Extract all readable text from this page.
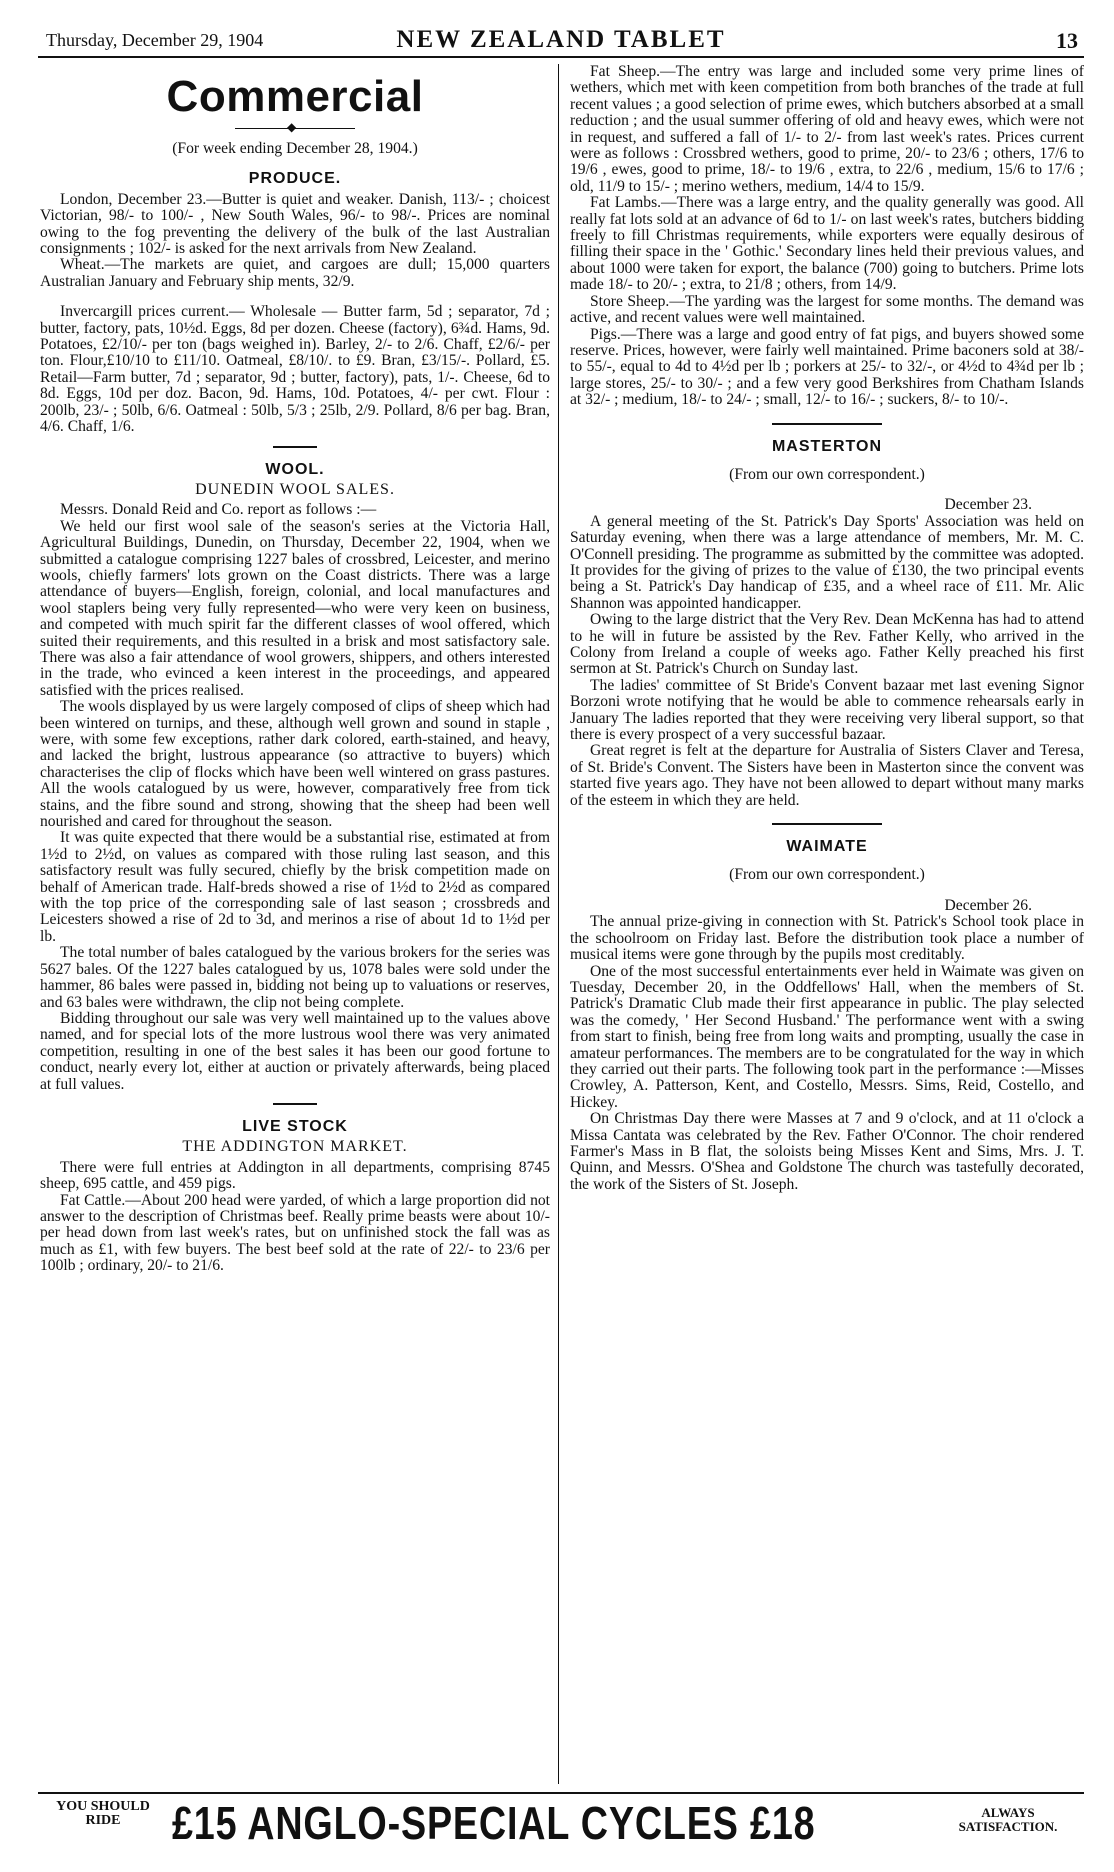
Thursday, December 29, 1904	NEW ZEALAND TABLET	13
Commercial
◆
(For week ending December 28, 1904.)
PRODUCE.

London, December 23.—Butter is quiet and weaker. Danish, 113/- ; choicest Victorian, 98/- to 100/- , New South Wales, 96/- to 98/-. Prices are nominal owing to the fog preventing the delivery of the bulk of the last Australian consignments ; 102/- is asked for the next arrivals from New Zealand.

Wheat.—The markets are quiet, and cargoes are dull; 15,000 quarters Australian January and February ship ments, 32/9.

Invercargill prices current.— Wholesale — Butter farm, 5d ; separator, 7d ; butter, factory, pats, 10½d. Eggs, 8d per dozen. Cheese (factory), 6¾d. Hams, 9d. Potatoes, £2/10/- per ton (bags weighed in). Barley, 2/- to 2/6. Chaff, £2/6/- per ton. Flour,£10/10 to £11/10. Oatmeal, £8/10/. to £9. Bran, £3/15/-. Pollard, £5. Retail—Farm butter, 7d ; separator, 9d ; butter, factory), pats, 1/-. Cheese, 6d to 8d. Eggs, 10d per doz. Bacon, 9d. Hams, 10d. Potatoes, 4/- per cwt. Flour : 200lb, 23/- ; 50lb, 6/6. Oatmeal : 50lb, 5/3 ; 25lb, 2/9. Pollard, 8/6 per bag. Bran, 4/6. Chaff, 1/6.

WOOL.
DUNEDIN WOOL SALES.

Messrs. Donald Reid and Co. report as follows :—

We held our first wool sale of the season's series at the Victoria Hall, Agricultural Buildings, Dunedin, on Thursday, December 22, 1904, when we submitted a catalogue comprising 1227 bales of crossbred, Leicester, and merino wools, chiefly farmers' lots grown on the Coast districts. There was a large attendance of buyers—English, foreign, colonial, and local manufactures and wool staplers being very fully represented—who were very keen on business, and competed with much spirit far the different classes of wool offered, which suited their requirements, and this resulted in a brisk and most satisfactory sale. There was also a fair attendance of wool growers, shippers, and others interested in the trade, who evinced a keen interest in the proceedings, and appeared satisfied with the prices realised.

The wools displayed by us were largely composed of clips of sheep which had been wintered on turnips, and these, although well grown and sound in staple , were, with some few exceptions, rather dark colored, earth-stained, and heavy, and lacked the bright, lustrous appearance (so attractive to buyers) which characterises the clip of flocks which have been well wintered on grass pastures. All the wools catalogued by us were, however, comparatively free from tick stains, and the fibre sound and strong, showing that the sheep had been well nourished and cared for throughout the season.

It was quite expected that there would be a substantial rise, estimated at from 1½d to 2½d, on values as compared with those ruling last season, and this satisfactory result was fully secured, chiefly by the brisk competition made on behalf of American trade. Half-breds showed a rise of 1½d to 2½d as compared with the top price of the corresponding sale of last season ; crossbreds and Leicesters showed a rise of 2d to 3d, and merinos a rise of about 1d to 1½d per lb.

The total number of bales catalogued by the various brokers for the series was 5627 bales. Of the 1227 bales catalogued by us, 1078 bales were sold under the hammer, 86 bales were passed in, bidding not being up to valuations or reserves, and 63 bales were withdrawn, the clip not being complete.

Bidding throughout our sale was very well maintained up to the values above named, and for special lots of the more lustrous wool there was very animated competition, resulting in one of the best sales it has been our good fortune to conduct, nearly every lot, either at auction or privately afterwards, being placed at full values.

LIVE STOCK
THE ADDINGTON MARKET.

There were full entries at Addington in all departments, comprising 8745 sheep, 695 cattle, and 459 pigs.

Fat Cattle.—About 200 head were yarded, of which a large proportion did not answer to the description of Christmas beef. Really prime beasts were about 10/- per head down from last week's rates, but on unfinished stock the fall was as much as £1, with few buyers. The best beef sold at the rate of 22/- to 23/6 per 100lb ; ordinary, 20/- to 21/6.

Fat Sheep.—The entry was large and included some very prime lines of wethers, which met with keen competition from both branches of the trade at full recent values ; a good selection of prime ewes, which butchers absorbed at a small reduction ; and the usual summer offering of old and heavy ewes, which were not in request, and suffered a fall of 1/- to 2/- from last week's rates. Prices current were as follows : Crossbred wethers, good to prime, 20/- to 23/6 ; others, 17/6 to 19/6 , ewes, good to prime, 18/- to 19/6 , extra, to 22/6 , medium, 15/6 to 17/6 ; old, 11/9 to 15/- ; merino wethers, medium, 14/4 to 15/9.

Fat Lambs.—There was a large entry, and the quality generally was good. All really fat lots sold at an advance of 6d to 1/- on last week's rates, butchers bidding freely to fill Christmas requirements, while exporters were equally desirous of filling their space in the ' Gothic.' Secondary lines held their previous values, and about 1000 were taken for export, the balance (700) going to butchers. Prime lots made 18/- to 20/- ; extra, to 21/8 ; others, from 14/9.

Store Sheep.—The yarding was the largest for some months. The demand was active, and recent values were well maintained.

Pigs.—There was a large and good entry of fat pigs, and buyers showed some reserve. Prices, however, were fairly well maintained. Prime baconers sold at 38/- to 55/-, equal to 4d to 4½d per lb ; porkers at 25/- to 32/-, or 4½d to 4¾d per lb ; large stores, 25/- to 30/- ; and a few very good Berkshires from Chatham Islands at 32/- ; medium, 18/- to 24/- ; small, 12/- to 16/- ; suckers, 8/- to 10/-.

MASTERTON
(From our own correspondent.)
December 23.

A general meeting of the St. Patrick's Day Sports' Association was held on Saturday evening, when there was a large attendance of members, Mr. M. C. O'Connell presiding. The programme as submitted by the committee was adopted. It provides for the giving of prizes to the value of £130, the two principal events being a St. Patrick's Day handicap of £35, and a wheel race of £11. Mr. Alic Shannon was appointed handicapper.

Owing to the large district that the Very Rev. Dean McKenna has had to attend to he will in future be assisted by the Rev. Father Kelly, who arrived in the Colony from Ireland a couple of weeks ago. Father Kelly preached his first sermon at St. Patrick's Church on Sunday last.

The ladies' committee of St Bride's Convent bazaar met last evening Signor Borzoni wrote notifying that he would be able to commence rehearsals early in January The ladies reported that they were receiving very liberal support, so that there is every prospect of a very successful bazaar.

Great regret is felt at the departure for Australia of Sisters Claver and Teresa, of St. Bride's Convent. The Sisters have been in Masterton since the convent was started five years ago. They have not been allowed to depart without many marks of the esteem in which they are held.

WAIMATE
(From our own correspondent.)
December 26.

The annual prize-giving in connection with St. Patrick's School took place in the schoolroom on Friday last. Before the distribution took place a number of musical items were gone through by the pupils most creditably.

One of the most successful entertainments ever held in Waimate was given on Tuesday, December 20, in the Oddfellows' Hall, when the members of St. Patrick's Dramatic Club made their first appearance in public. The play selected was the comedy, ' Her Second Husband.' The performance went with a swing from start to finish, being free from long waits and prompting, usually the case in amateur performances. The members are to be congratulated for the way in which they carried out their parts. The following took part in the performance :—Misses Crowley, A. Patterson, Kent, and Costello, Messrs. Sims, Reid, Costello, and Hickey.

On Christmas Day there were Masses at 7 and 9 o'clock, and at 11 o'clock a Missa Cantata was celebrated by the Rev. Father O'Connor. The choir rendered Farmer's Mass in B flat, the soloists being Misses Kent and Sims, Mrs. J. T. Quinn, and Messrs. O'Shea and Goldstone The church was tastefully decorated, the work of the Sisters of St. Joseph.

YOU SHOULD RIDE	£15 ANGLO-SPECIAL CYCLES £18	ALWAYS SATISFACTION.
